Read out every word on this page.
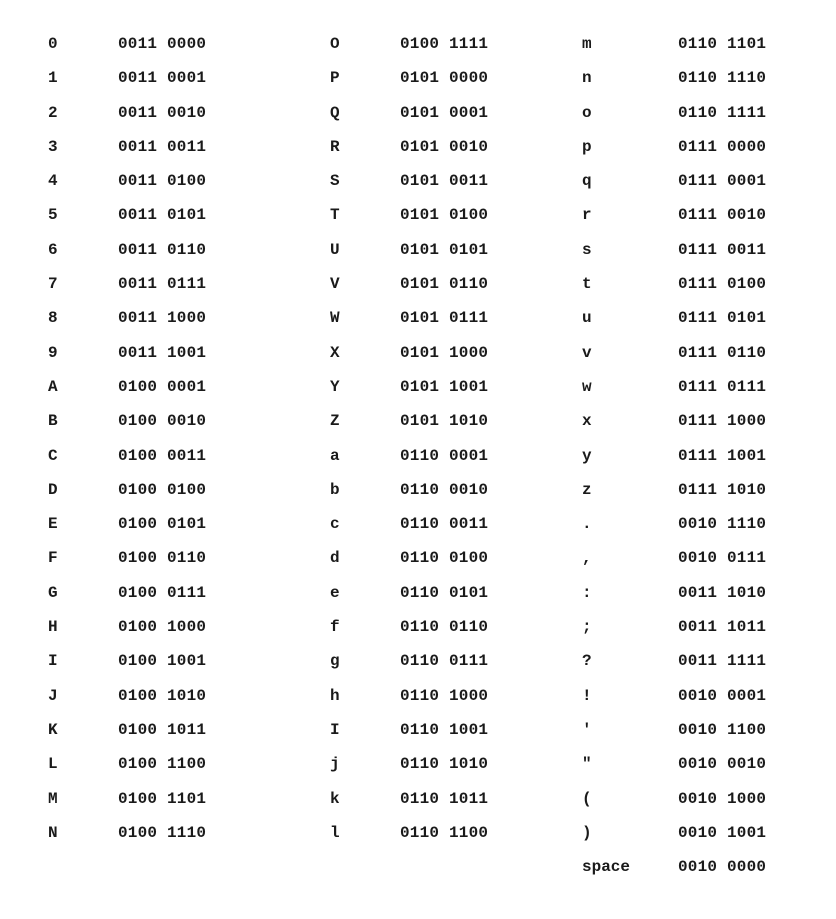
0	0011 0000
1	0011 0001
2	0011 0010
3	0011 0011
4	0011 0100
5	0011 0101
6	0011 0110
7	0011 0111
8	0011 1000
9	0011 1001
A	0100 0001
B	0100 0010
C	0100 0011
D	0100 0100
E	0100 0101
F	0100 0110
G	0100 0111
H	0100 1000
I	0100 1001
J	0100 1010
K	0100 1011
L	0100 1100
M	0100 1101
N	0100 1110
O	0100 1111
P	0101 0000
Q	0101 0001
R	0101 0010
S	0101 0011
T	0101 0100
U	0101 0101
V	0101 0110
W	0101 0111
X	0101 1000
Y	0101 1001
Z	0101 1010
a	0110 0001
b	0110 0010
c	0110 0011
d	0110 0100
e	0110 0101
f	0110 0110
g	0110 0111
h	0110 1000
I	0110 1001
j	0110 1010
k	0110 1011
l	0110 1100
m	0110 1101
n	0110 1110
o	0110 1111
p	0111 0000
q	0111 0001
r	0111 0010
s	0111 0011
t	0111 0100
u	0111 0101
v	0111 0110
w	0111 0111
x	0111 1000
y	0111 1001
z	0111 1010
.	0010 1110
,	0010 0111
:	0011 1010
;	0011 1011
?	0011 1111
!	0010 0001
'	0010 1100
"	0010 0010
(	0010 1000
)	0010 1001
space	0010 0000
